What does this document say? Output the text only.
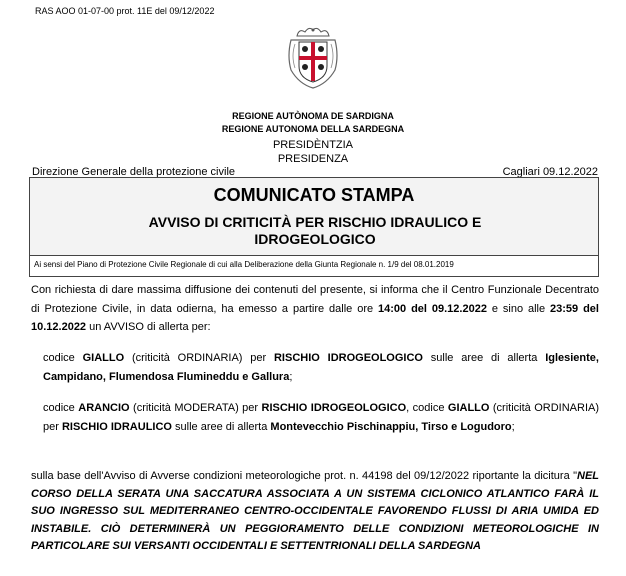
RAS AOO 01-07-00 prot. 11E del 09/12/2022
REGIONE AUTÒNOMA DE SARDIGNA
REGIONE AUTONOMA DELLA SARDEGNA
PRESIDÈNTZIA
PRESIDENZA
Direzione Generale della protezione civile	Cagliari 09.12.2022
COMUNICATO STAMPA
AVVISO DI CRITICITÀ PER RISCHIO IDRAULICO E IDROGEOLOGICO
Ai sensi del Piano di Protezione Civile Regionale di cui alla Deliberazione della Giunta Regionale n. 1/9 del 08.01.2019
Con richiesta di dare massima diffusione dei contenuti del presente, si informa che il Centro Funzionale Decentrato di Protezione Civile, in data odierna, ha emesso a partire dalle ore 14:00 del 09.12.2022 e sino alle 23:59 del 10.12.2022 un AVVISO di allerta per:
codice GIALLO (criticità ORDINARIA) per RISCHIO IDROGEOLOGICO sulle aree di allerta Iglesiente, Campidano, Flumendosa Flumineddu e Gallura;
codice ARANCIO (criticità MODERATA) per RISCHIO IDROGEOLOGICO, codice GIALLO (criticità ORDINARIA) per RISCHIO IDRAULICO sulle aree di allerta Montevecchio Pischinappiu, Tirso e Logudoro;
sulla base dell'Avviso di Avverse condizioni meteorologiche prot. n. 44198 del 09/12/2022 riportante la dicitura "NEL CORSO DELLA SERATA UNA SACCATURA ASSOCIATA A UN SISTEMA CICLONICO ATLANTICO FARÀ IL SUO INGRESSO SUL MEDITERRANEO CENTRO-OCCIDENTALE FAVORENDO FLUSSI DI ARIA UMIDA ED INSTABILE. CIÒ DETERMINERÀ UN PEGGIORAMENTO DELLE CONDIZIONI METEOROLOGICHE IN PARTICOLARE SUI VERSANTI OCCIDENTALI E SETTENTRIONALI DELLA SARDEGNA
